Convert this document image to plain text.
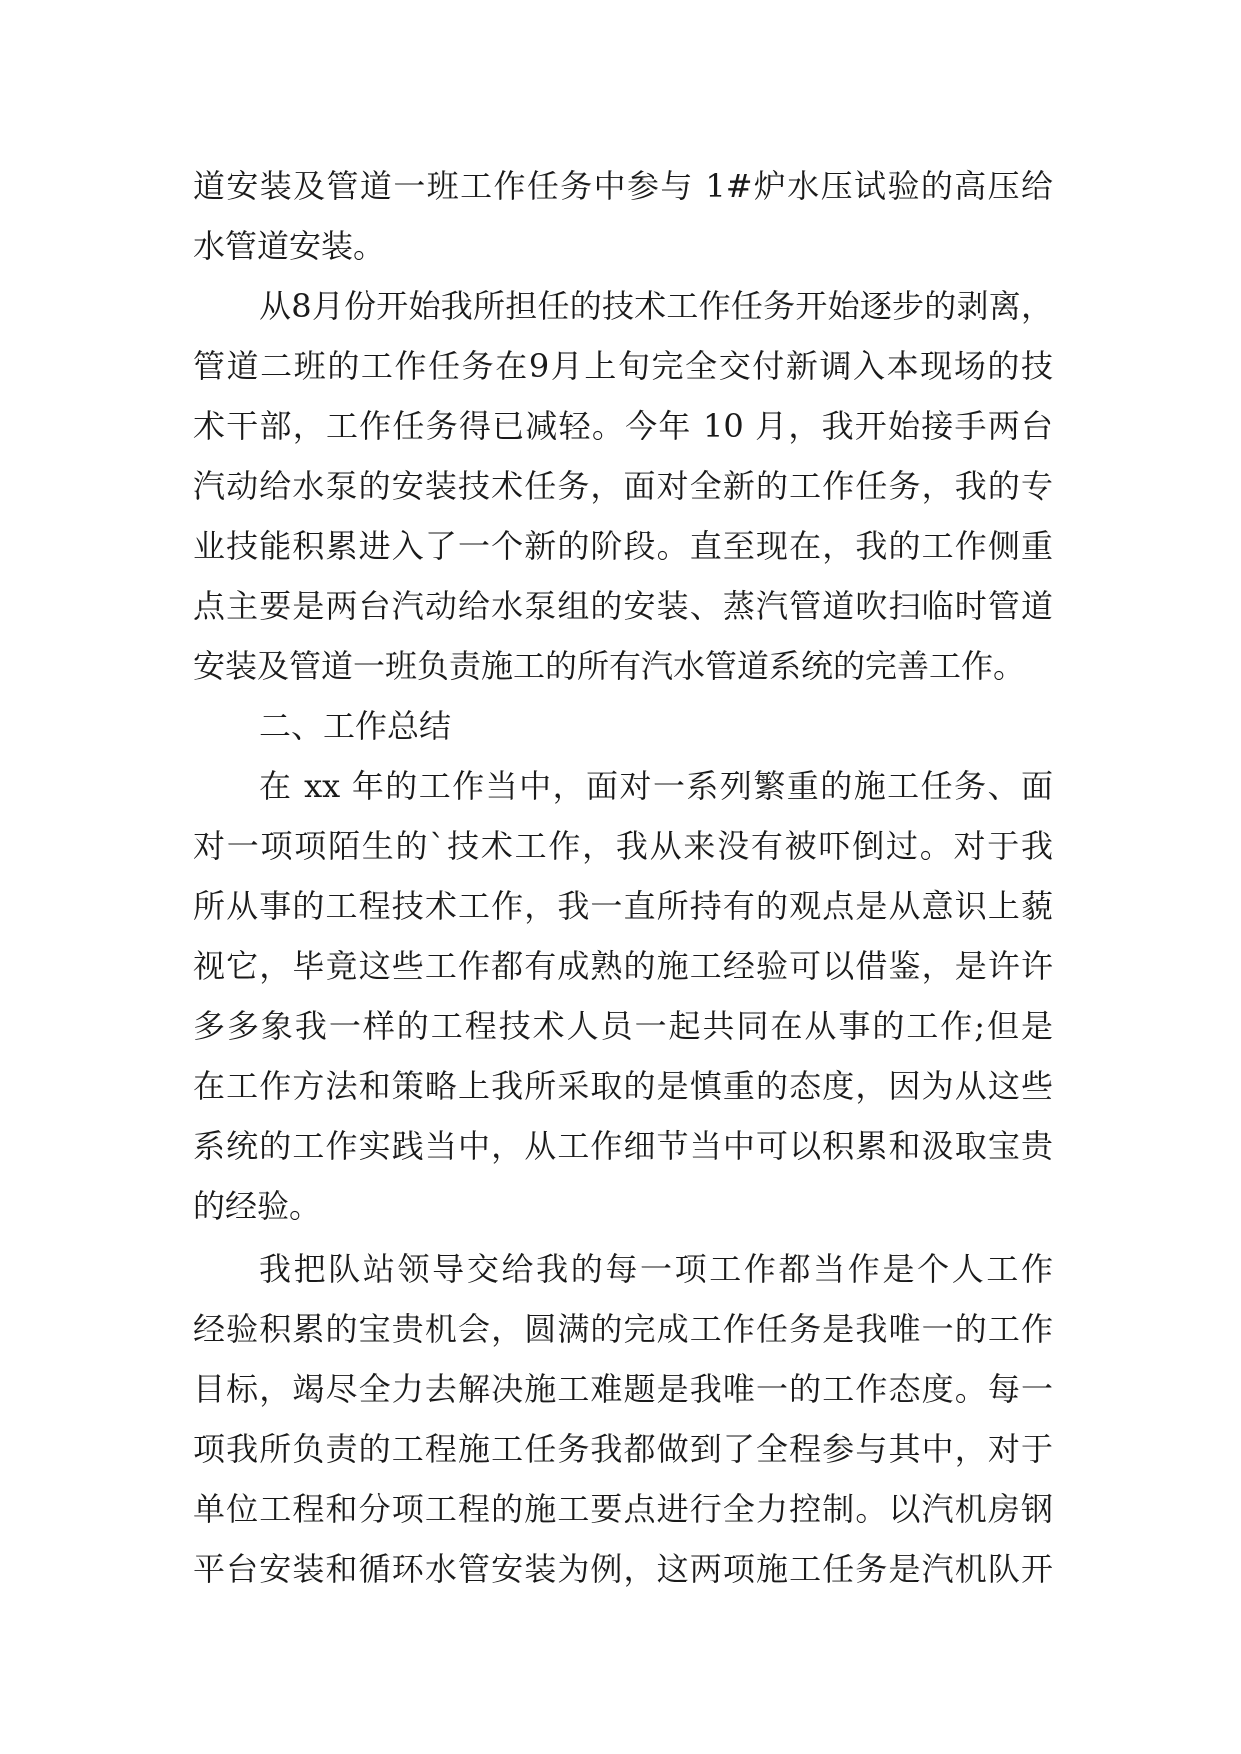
道安装及管道一班工作任务中参与 1#炉水压试验的高压给
水管道安装。
从8月份开始我所担任的技术工作任务开始逐步的剥离，
管道二班的工作任务在9月上旬完全交付新调入本现场的技
术干部，工作任务得已减轻。今年 10 月，我开始接手两台
汽动给水泵的安装技术任务，面对全新的工作任务，我的专
业技能积累进入了一个新的阶段。直至现在，我的工作侧重
点主要是两台汽动给水泵组的安装、蒸汽管道吹扫临时管道
安装及管道一班负责施工的所有汽水管道系统的完善工作。
二、工作总结
在 xx 年的工作当中，面对一系列繁重的施工任务、面
对一项项陌生的`技术工作，我从来没有被吓倒过。对于我
所从事的工程技术工作，我一直所持有的观点是从意识上藐
视它，毕竟这些工作都有成熟的施工经验可以借鉴，是许许
多多象我一样的工程技术人员一起共同在从事的工作;但是
在工作方法和策略上我所采取的是慎重的态度，因为从这些
系统的工作实践当中，从工作细节当中可以积累和汲取宝贵
的经验。
我把队站领导交给我的每一项工作都当作是个人工作
经验积累的宝贵机会，圆满的完成工作任务是我唯一的工作
目标，竭尽全力去解决施工难题是我唯一的工作态度。每一
项我所负责的工程施工任务我都做到了全程参与其中，对于
单位工程和分项工程的施工要点进行全力控制。以汽机房钢
平台安装和循环水管安装为例，这两项施工任务是汽机队开
